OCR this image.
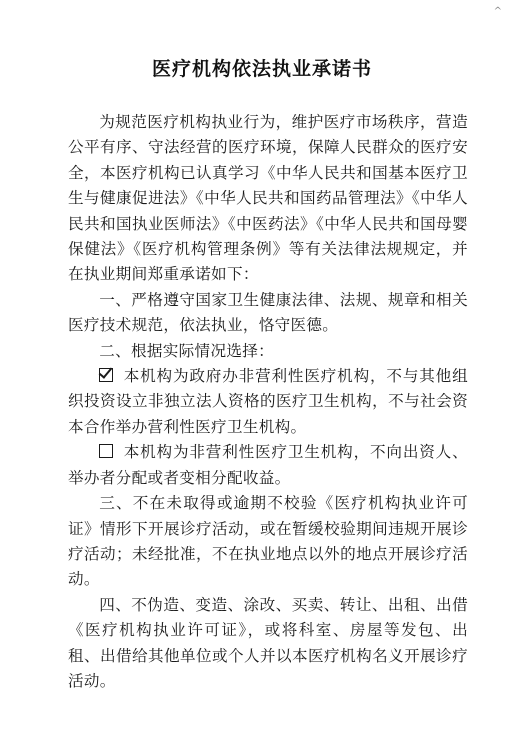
^
医疗机构依法执业承诺书

为规范医疗机构执业行为，维护医疗市场秩序，营造公平有序、守法经营的医疗环境，保障人民群众的医疗安全，本医疗机构已认真学习《中华人民共和国基本医疗卫生与健康促进法》《中华人民共和国药品管理法》《中华人民共和国执业医师法》《中医药法》《中华人民共和国母婴保健法》《医疗机构管理条例》等有关法律法规规定，并在执业期间郑重承诺如下：

一、严格遵守国家卫生健康法律、法规、规章和相关医疗技术规范，依法执业，恪守医德。

二、根据实际情况选择：

本机构为政府办非营利性医疗机构，不与其他组织投资设立非独立法人资格的医疗卫生机构，不与社会资本合作举办营利性医疗卫生机构。

本机构为非营利性医疗卫生机构，不向出资人、举办者分配或者变相分配收益。

三、不在未取得或逾期不校验《医疗机构执业许可证》情形下开展诊疗活动，或在暂缓校验期间违规开展诊疗活动；未经批准，不在执业地点以外的地点开展诊疗活动。

四、不伪造、变造、涂改、买卖、转让、出租、出借《医疗机构执业许可证》，或将科室、房屋等发包、出租、出借给其他单位或个人并以本医疗机构名义开展诊疗活动。
